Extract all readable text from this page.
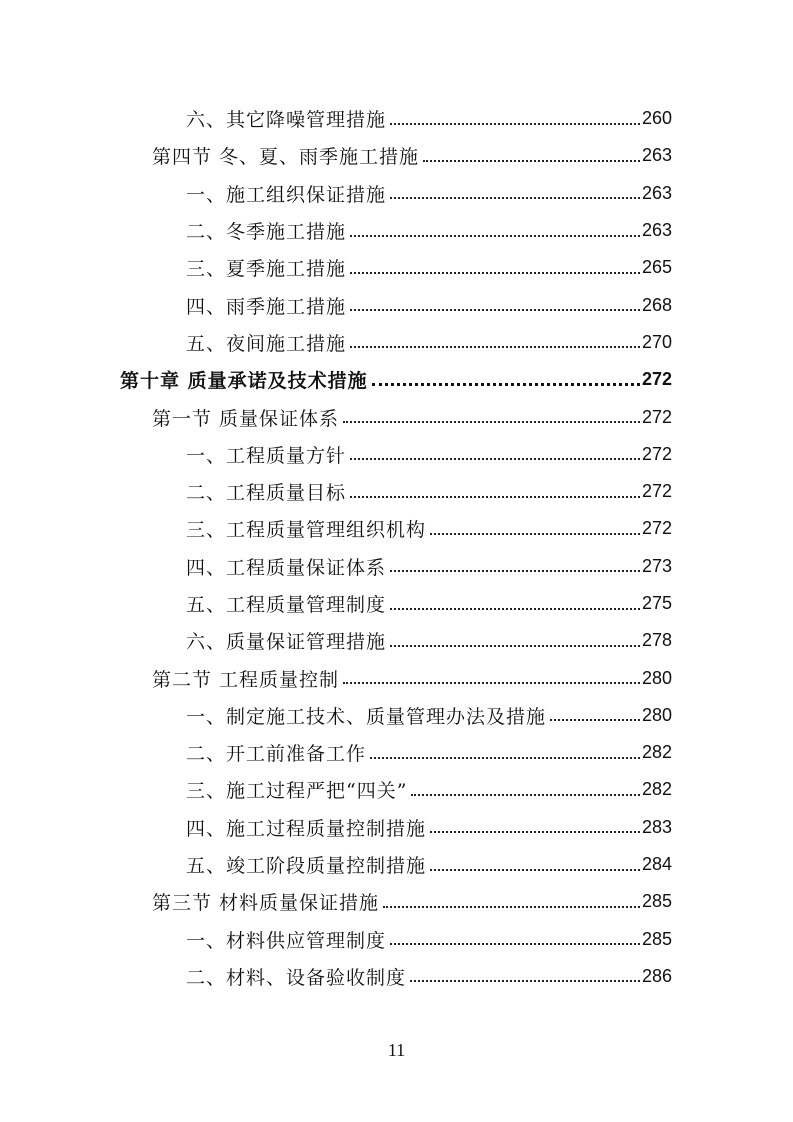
六、其它降噪管理措施	260
第四节 冬、夏、雨季施工措施	263
一、施工组织保证措施	263
二、冬季施工措施	263
三、夏季施工措施	265
四、雨季施工措施	268
五、夜间施工措施	270
第十章 质量承诺及技术措施	272
第一节 质量保证体系	272
一、工程质量方针	272
二、工程质量目标	272
三、工程质量管理组织机构	272
四、工程质量保证体系	273
五、工程质量管理制度	275
六、质量保证管理措施	278
第二节 工程质量控制	280
一、制定施工技术、质量管理办法及措施	280
二、开工前准备工作	282
三、施工过程严把“四关”	282
四、施工过程质量控制措施	283
五、竣工阶段质量控制措施	284
第三节 材料质量保证措施	285
一、材料供应管理制度	285
二、材料、设备验收制度	286
11
